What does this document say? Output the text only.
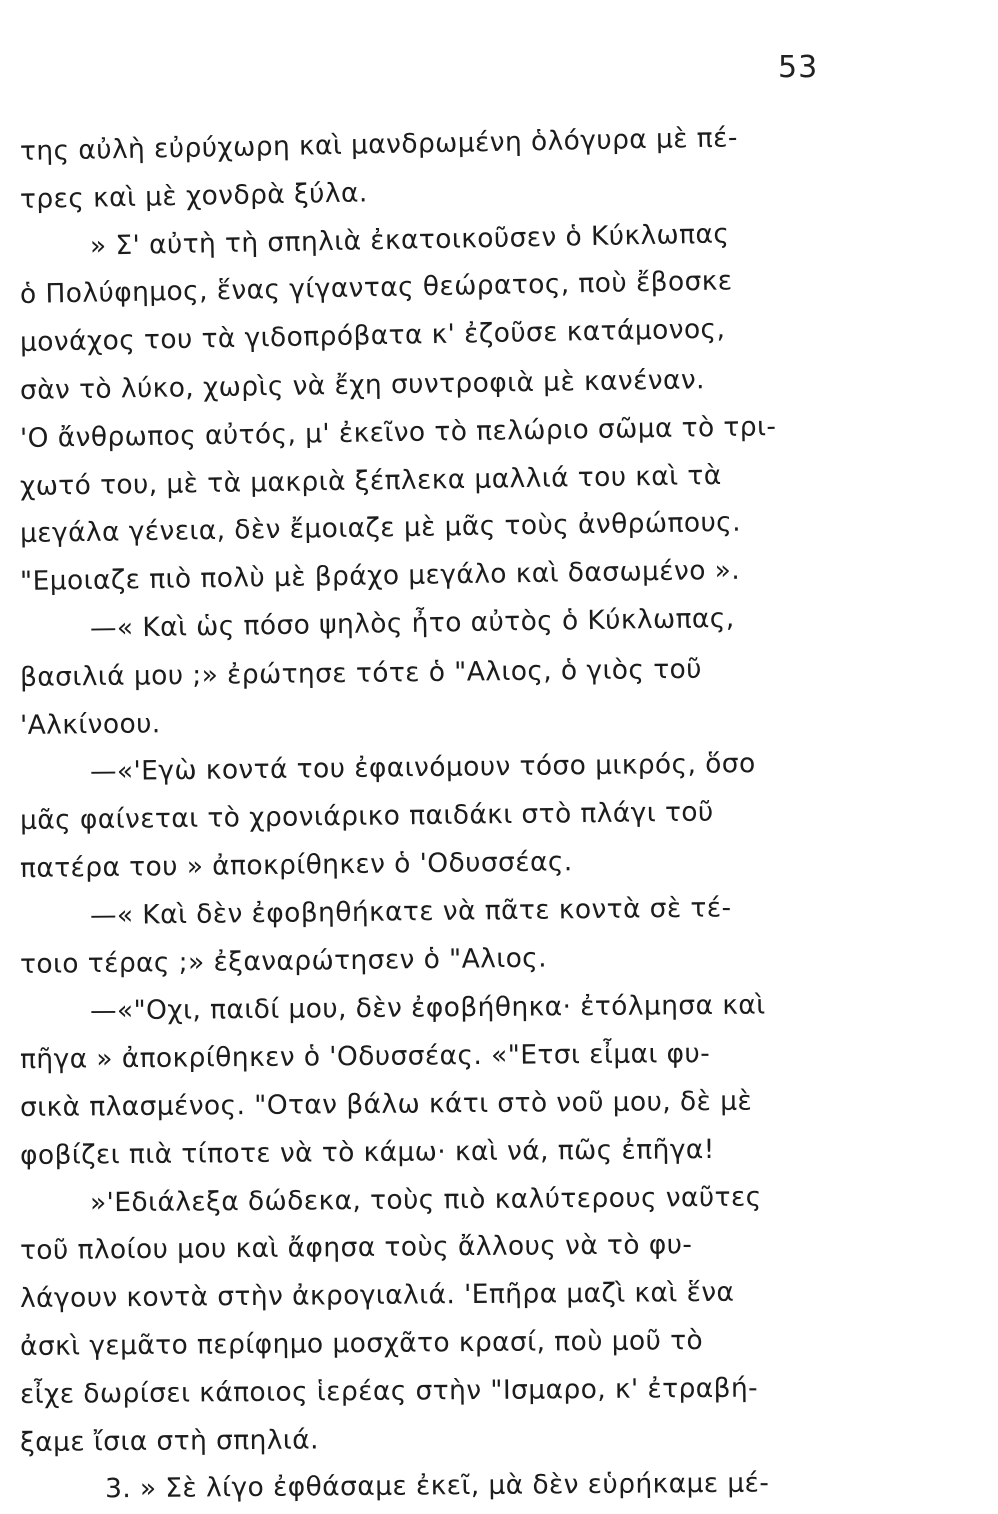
53
της αὐλὴ εὐρύχωρη καὶ μανδρωμένη ὁλόγυρα μὲ πέ-
τρες καὶ μὲ χονδρὰ ξύλα.
» Σ' αὐτὴ τὴ σπηλιὰ ἐκατοικοῦσεν ὁ Κύκλωπας
ὁ Πολύφημος, ἕνας γίγαντας θεώρατος, ποὺ ἔβοσκε
μονάχος του τὰ γιδοπρόβατα κ' ἐζοῦσε κατάμονος,
σὰν τὸ λύκο, χωρὶς νὰ ἔχη συντροφιὰ μὲ κανέναν.
'Ο ἄνθρωπος αὐτός, μ' ἐκεῖνο τὸ πελώριο σῶμα τὸ τρι-
χωτό του, μὲ τὰ μακριὰ ξέπλεκα μαλλιά του καὶ τὰ
μεγάλα γένεια, δὲν ἔμοιαζε μὲ μᾶς τοὺς ἀνθρώπους.
"Εμοιαζε πιὸ πολὺ μὲ βράχο μεγάλο καὶ δασωμένο ».
—« Καὶ ὡς πόσο ψηλὸς ἦτο αὐτὸς ὁ Κύκλωπας,
βασιλιά μου ;» ἐρώτησε τότε ὁ "Αλιος, ὁ γιὸς τοῦ
'Αλκίνοου.
—«'Εγὼ κοντά του ἐφαινόμουν τόσο μικρός, ὅσο
μᾶς φαίνεται τὸ χρονιάρικο παιδάκι στὸ πλάγι τοῦ
πατέρα του » ἀποκρίθηκεν ὁ 'Οδυσσέας.
—« Καὶ δὲν ἐφοβηθήκατε νὰ πᾶτε κοντὰ σὲ τέ-
τοιο τέρας ;» ἐξαναρώτησεν ὁ "Αλιος.
—«"Οχι, παιδί μου, δὲν ἐφοβήθηκα· ἐτόλμησα καὶ
πῆγα » ἀποκρίθηκεν ὁ 'Οδυσσέας. «"Ετσι εἶμαι φυ-
σικὰ πλασμένος. "Οταν βάλω κάτι στὸ νοῦ μου, δὲ μὲ
φοβίζει πιὰ τίποτε νὰ τὸ κάμω· καὶ νά, πῶς ἐπῆγα!
»'Εδιάλεξα δώδεκα, τοὺς πιὸ καλύτερους ναῦτες
τοῦ πλοίου μου καὶ ἄφησα τοὺς ἄλλους νὰ τὸ φυ-
λάγουν κοντὰ στὴν ἀκρογιαλιά. 'Επῆρα μαζὶ καὶ ἕνα
ἀσκὶ γεμᾶτο περίφημο μοσχᾶτο κρασί, ποὺ μοῦ τὸ
εἶχε δωρίσει κάποιος ἱερέας στὴν "Ισμαρο, κ' ἐτραβή-
ξαμε ἴσια στὴ σπηλιά.
3. » Σὲ λίγο ἐφθάσαμε ἐκεῖ, μὰ δὲν εὑρήκαμε μέ-
